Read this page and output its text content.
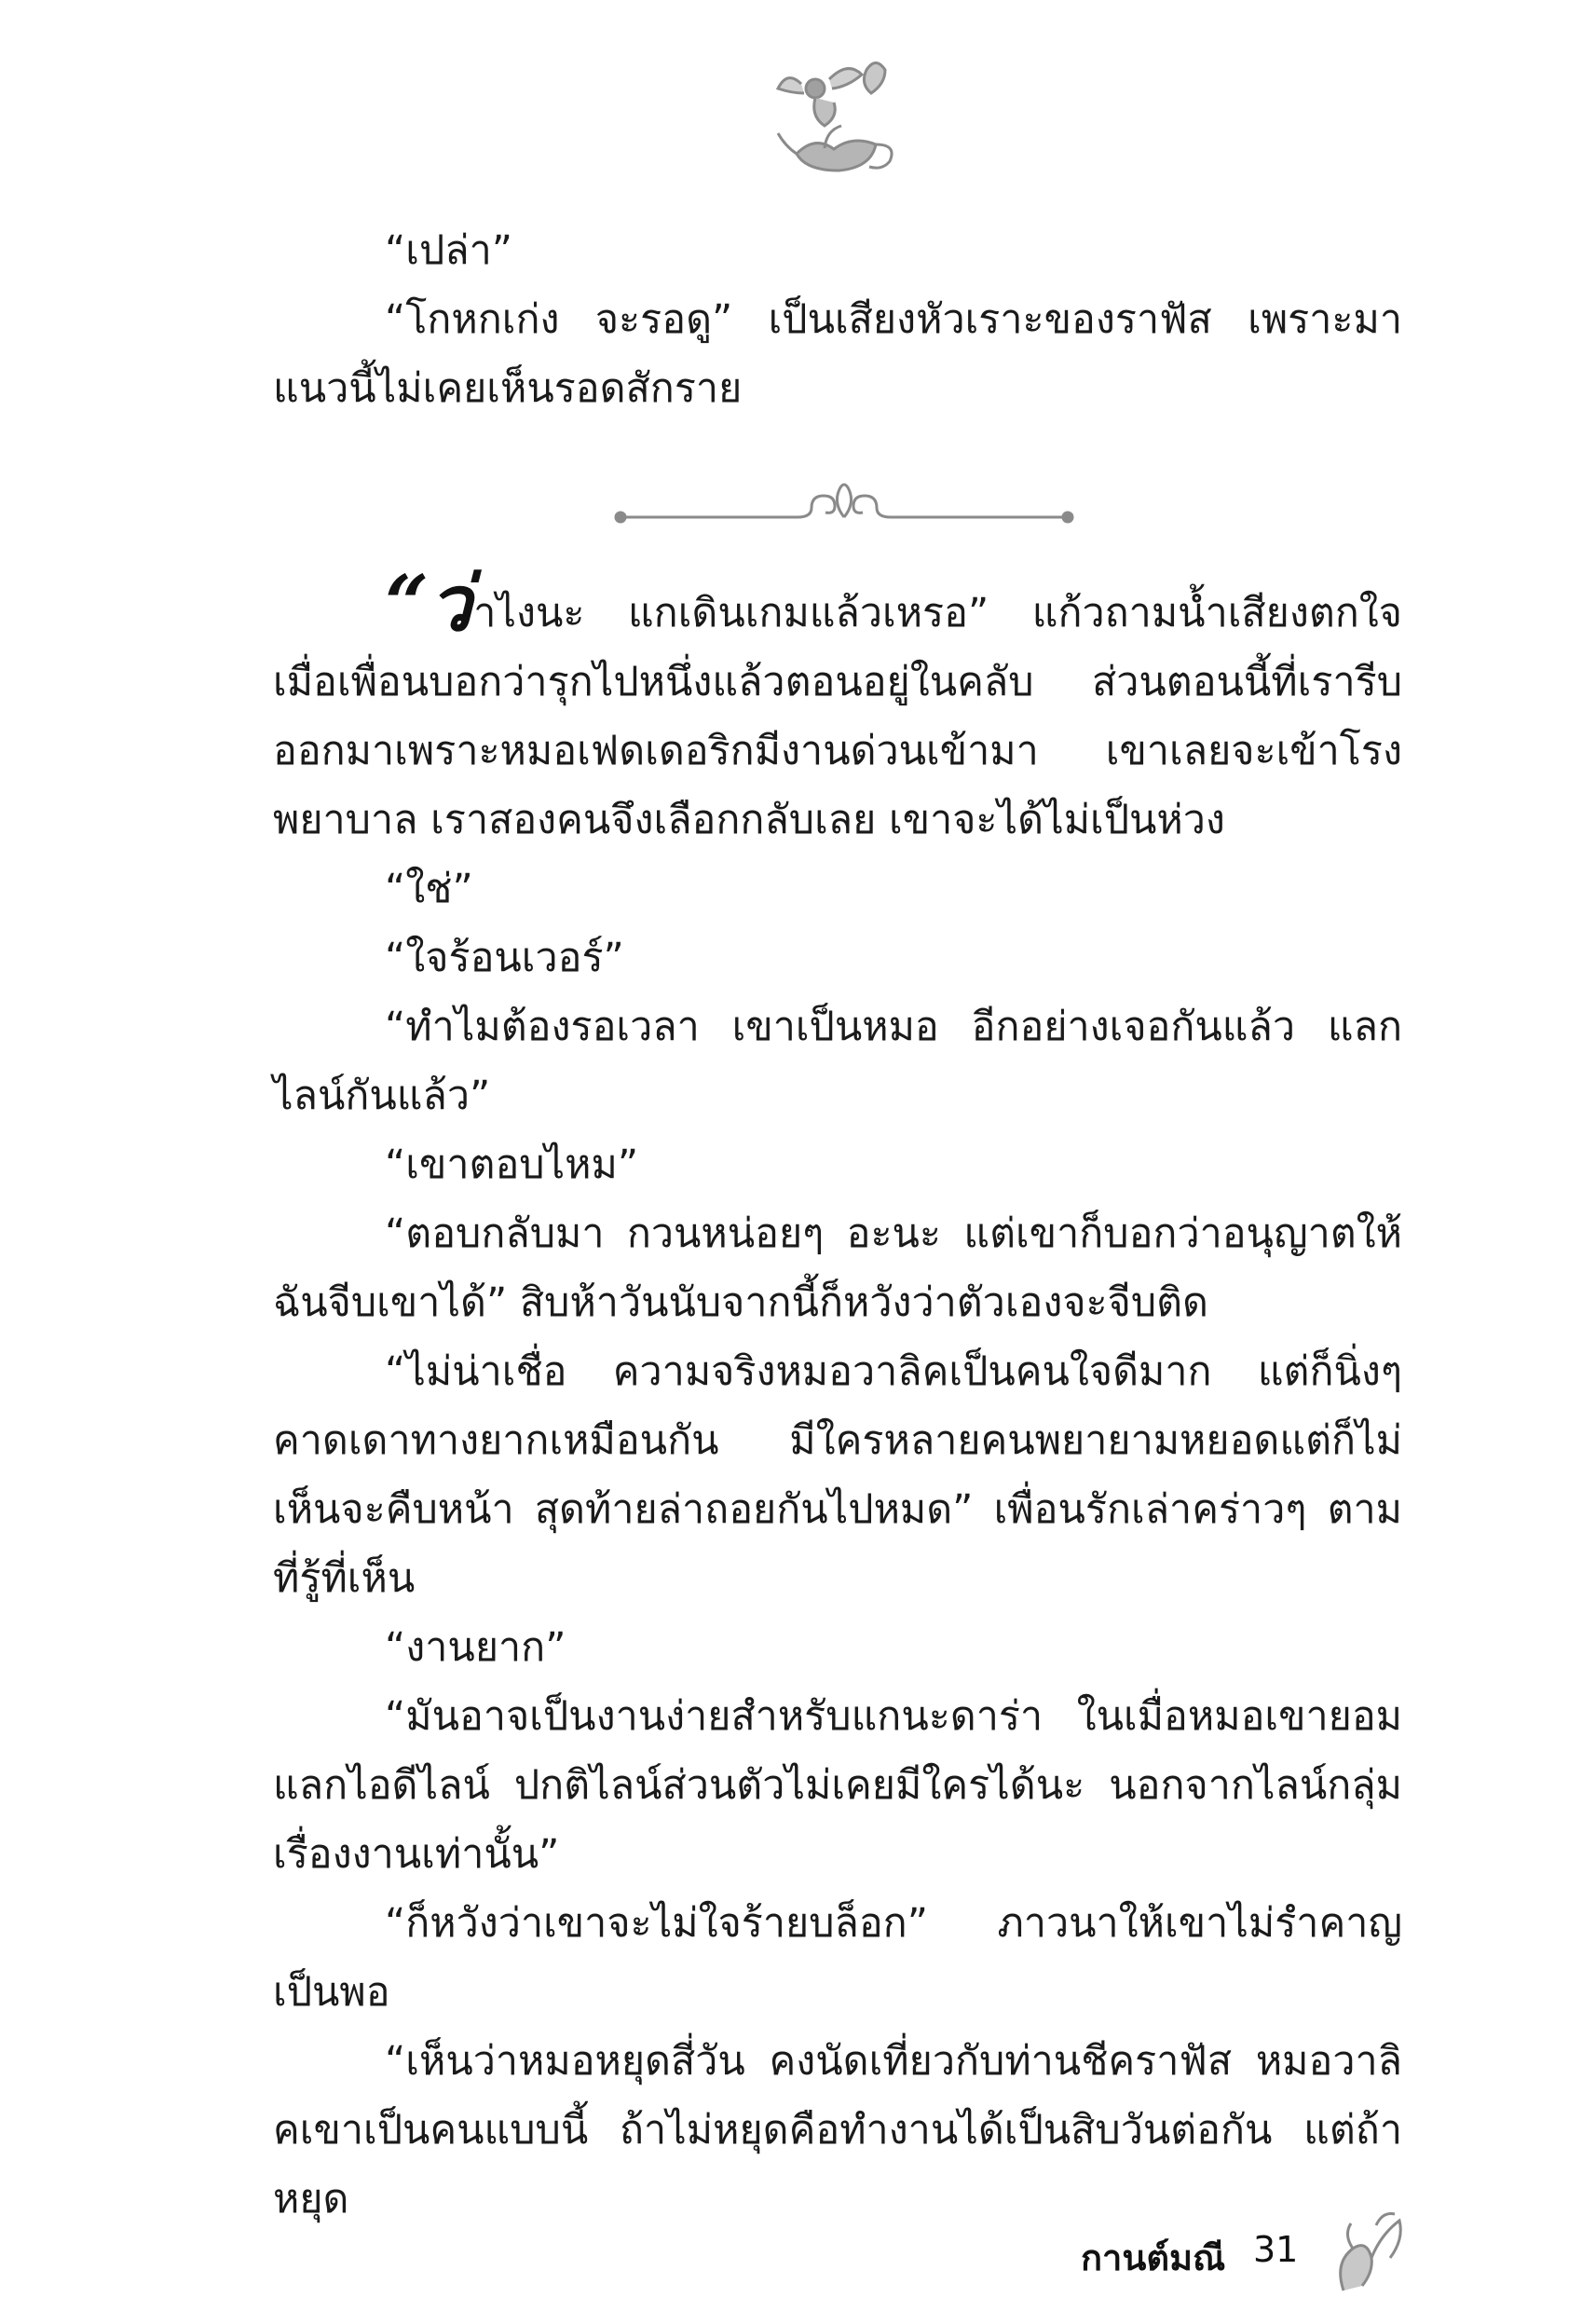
“เปล่า”

“โกหกเก่ง จะรอดู” เป็นเสียงหัวเราะของราฟัส เพราะมาแนวนี้ไม่เคยเห็นรอดสักราย

“ว่าไงนะ แกเดินเกมแล้วเหรอ” แก้วถามน้ำเสียงตกใจ เมื่อเพื่อนบอกว่ารุกไปหนึ่งแล้วตอนอยู่ในคลับ ส่วนตอนนี้ที่เรารีบออกมาเพราะหมอเฟดเดอริกมีงานด่วนเข้ามา เขาเลยจะเข้าโรงพยาบาล เราสองคนจึงเลือกกลับเลย เขาจะได้ไม่เป็นห่วง

“ใช่”

“ใจร้อนเวอร์”

“ทำไมต้องรอเวลา เขาเป็นหมอ อีกอย่างเจอกันแล้ว แลกไลน์กันแล้ว”

“เขาตอบไหม”

“ตอบกลับมา กวนหน่อยๆ อะนะ แต่เขาก็บอกว่าอนุญาตให้ฉันจีบเขาได้” สิบห้าวันนับจากนี้ก็หวังว่าตัวเองจะจีบติด

“ไม่น่าเชื่อ ความจริงหมอวาลิคเป็นคนใจดีมาก แต่ก็นิ่งๆ คาดเดาทางยากเหมือนกัน มีใครหลายคนพยายามหยอดแต่ก็ไม่เห็นจะคืบหน้า สุดท้ายล่าถอยกันไปหมด” เพื่อนรักเล่าคร่าวๆ ตามที่รู้ที่เห็น

“งานยาก”

“มันอาจเป็นงานง่ายสำหรับแกนะดาร่า ในเมื่อหมอเขายอมแลกไอดีไลน์ ปกติไลน์ส่วนตัวไม่เคยมีใครได้นะ นอกจากไลน์กลุ่มเรื่องงานเท่านั้น”

“ก็หวังว่าเขาจะไม่ใจร้ายบล็อก” ภาวนาให้เขาไม่รำคาญเป็นพอ

“เห็นว่าหมอหยุดสี่วัน คงนัดเที่ยวกับท่านชีคราฟัส หมอวาลิคเขาเป็นคนแบบนี้ ถ้าไม่หยุดคือทำงานได้เป็นสิบวันต่อกัน แต่ถ้าหยุด

กานต์มณี 31
